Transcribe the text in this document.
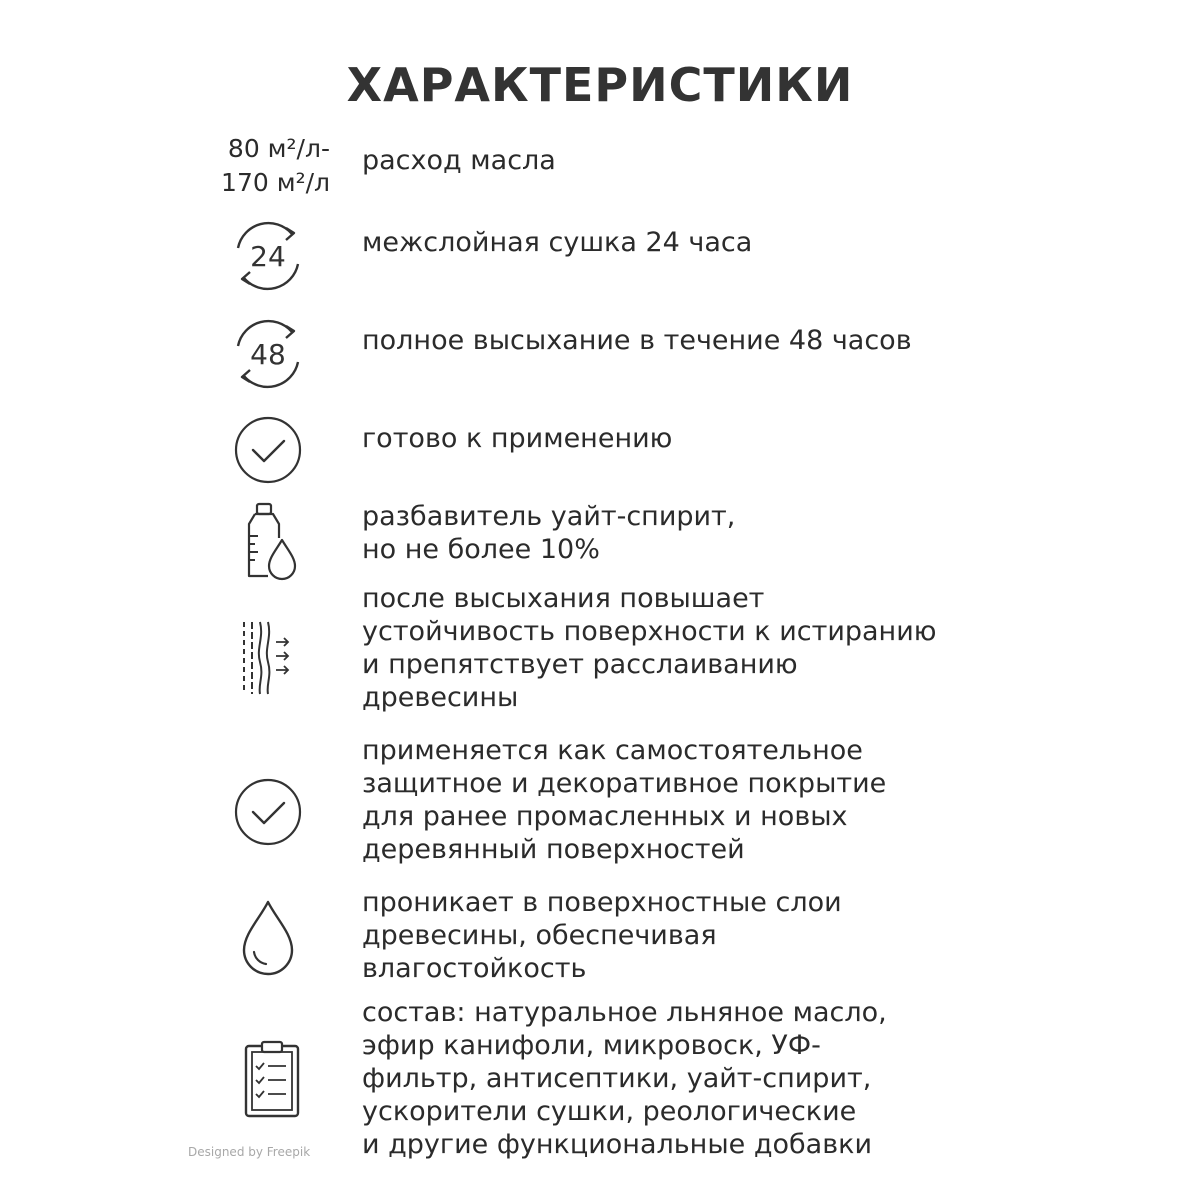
ХАРАКТЕРИСТИКИ
80 м²/л-
170 м²/л
расход масла
24	межслойная сушка 24 часа
48	полное высыхание в течение 48 часов
готово к применению
разбавитель уайт-спирит,
но не более 10%
после высыхания повышает
устойчивость поверхности к истиранию
и препятствует расслаиванию
древесины
применяется как самостоятельное
защитное и декоративное покрытие
для ранее промасленных и новых
деревянный поверхностей
проникает в поверхностные слои
древесины, обеспечивая
влагостойкость
состав: натуральное льняное масло,
эфир канифоли, микровоск, УФ-
фильтр, антисептики, уайт-спирит,
ускорители сушки, реологические
и другие функциональные добавки
Designed by Freepik
